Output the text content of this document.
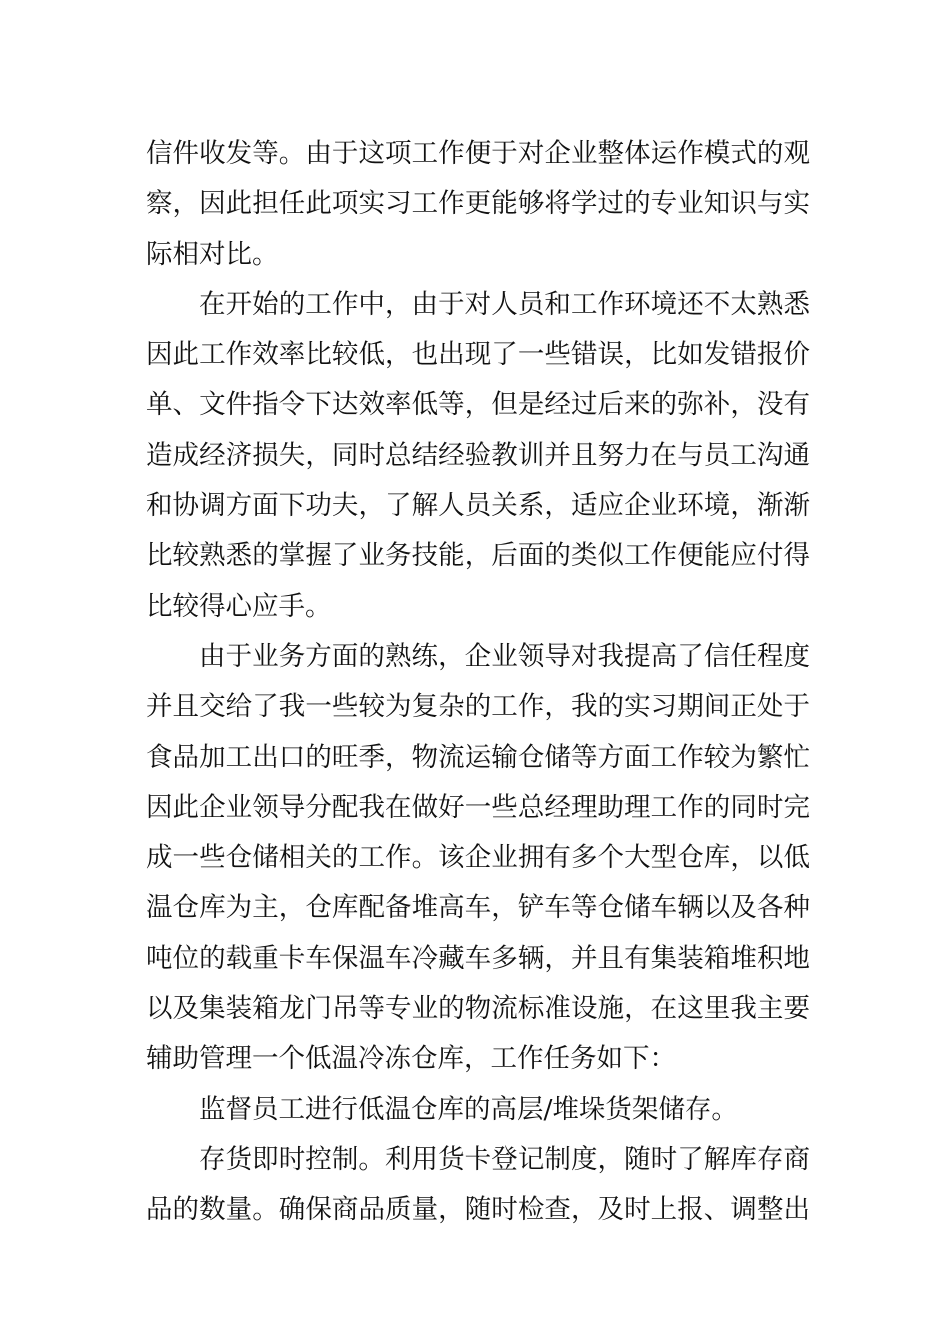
信件收发等。由于这项工作便于对企业整体运作模式的观
察，因此担任此项实习工作更能够将学过的专业知识与实
际相对比。
在开始的工作中，由于对人员和工作环境还不太熟悉
因此工作效率比较低，也出现了一些错误，比如发错报价
单、文件指令下达效率低等，但是经过后来的弥补，没有
造成经济损失，同时总结经验教训并且努力在与员工沟通
和协调方面下功夫，了解人员关系，适应企业环境，渐渐
比较熟悉的掌握了业务技能，后面的类似工作便能应付得
比较得心应手。
由于业务方面的熟练，企业领导对我提高了信任程度
并且交给了我一些较为复杂的工作，我的实习期间正处于
食品加工出口的旺季，物流运输仓储等方面工作较为繁忙
因此企业领导分配我在做好一些总经理助理工作的同时完
成一些仓储相关的工作。该企业拥有多个大型仓库，以低
温仓库为主，仓库配备堆高车，铲车等仓储车辆以及各种
吨位的载重卡车保温车冷藏车多辆，并且有集装箱堆积地
以及集装箱龙门吊等专业的物流标准设施，在这里我主要
辅助管理一个低温冷冻仓库，工作任务如下：
监督员工进行低温仓库的高层/堆垛货架储存。
存货即时控制。利用货卡登记制度，随时了解库存商
品的数量。确保商品质量，随时检查，及时上报、调整出
